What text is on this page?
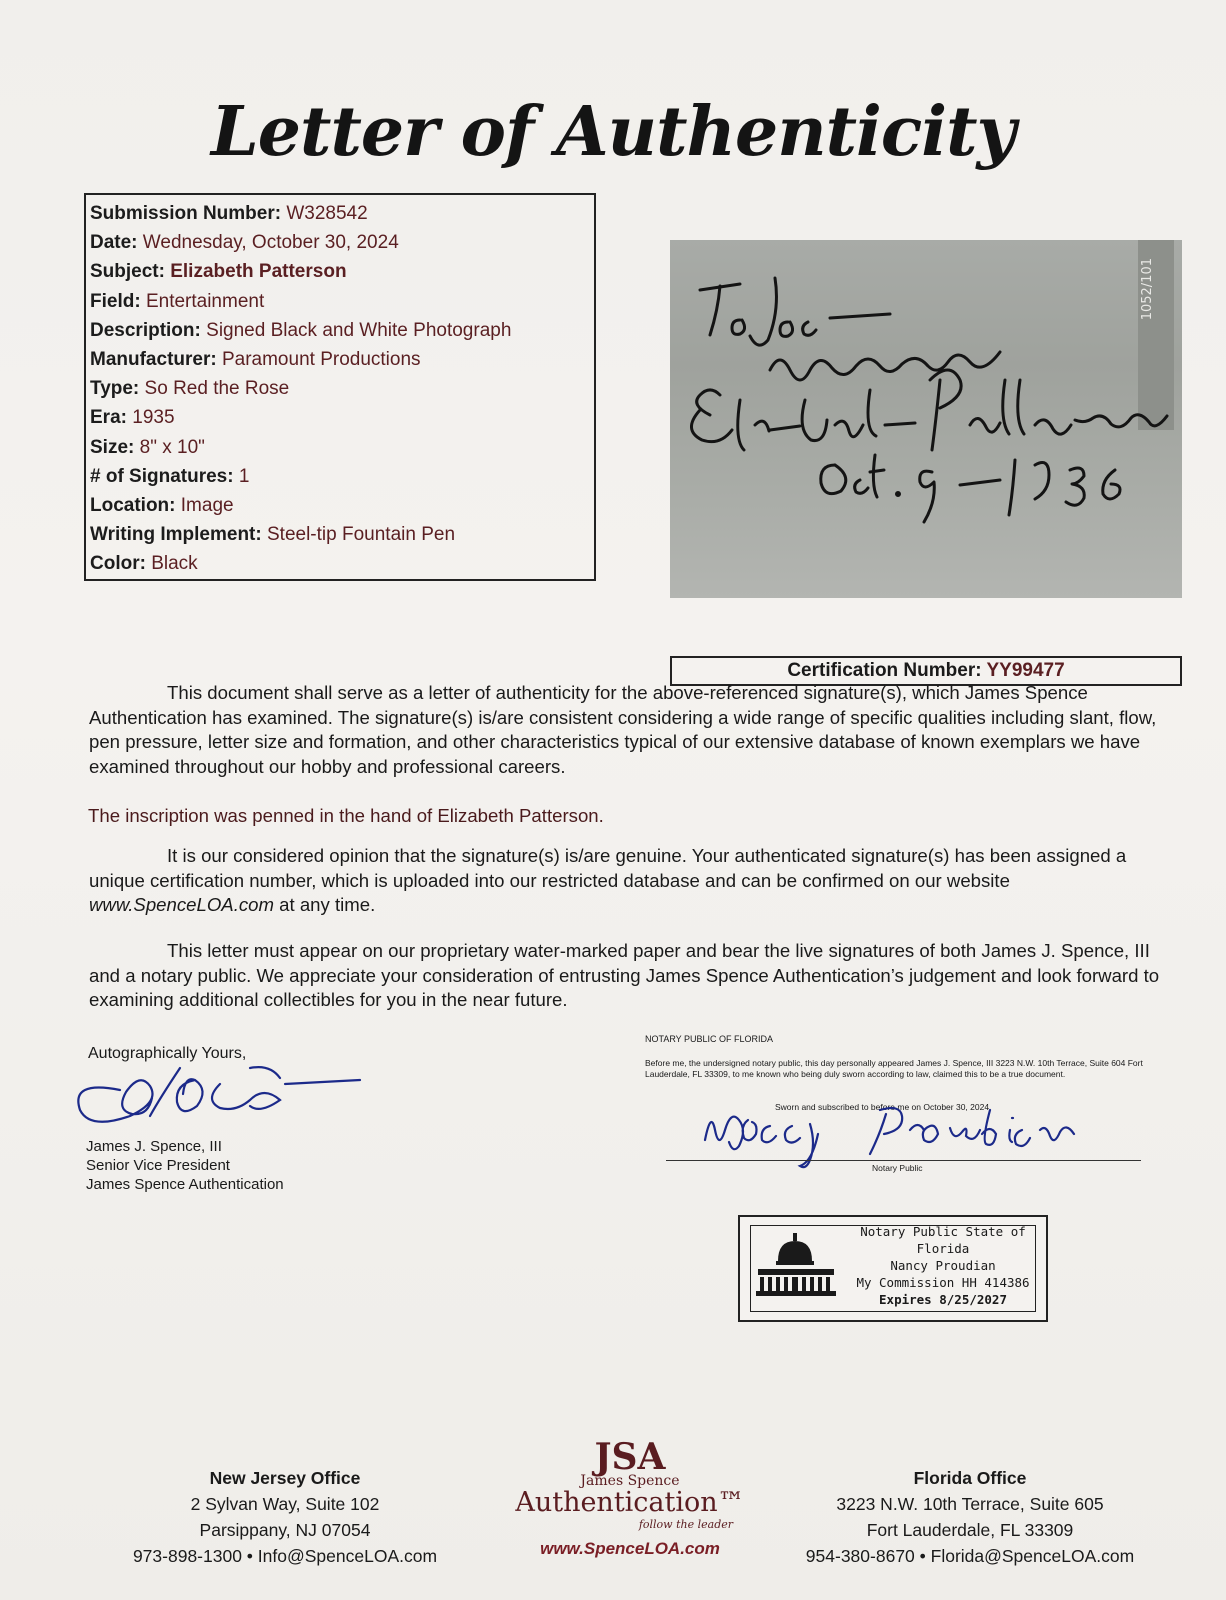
Letter of Authenticity
Submission Number: W328542
Date: Wednesday, October 30, 2024
Subject: Elizabeth Patterson
Field: Entertainment
Description: Signed Black and White Photograph
Manufacturer: Paramount Productions
Type: So Red the Rose
Era: 1935
Size: 8" x 10"
# of Signatures: 1
Location: Image
Writing Implement: Steel-tip Fountain Pen
Color: Black
1052/101
Certification Number: YY99477
This document shall serve as a letter of authenticity for the above-referenced signature(s), which James Spence Authentication has examined. The signature(s) is/are consistent considering a wide range of specific qualities including slant, flow, pen pressure, letter size and formation, and other characteristics typical of our extensive database of known exemplars we have examined throughout our hobby and professional careers.
The inscription was penned in the hand of Elizabeth Patterson.
It is our considered opinion that the signature(s) is/are genuine. Your authenticated signature(s) has been assigned a unique certification number, which is uploaded into our restricted database and can be confirmed on our website www.SpenceLOA.com at any time.
This letter must appear on our proprietary water-marked paper and bear the live signatures of both James J. Spence, III and a notary public. We appreciate your consideration of entrusting James Spence Authentication’s judgement and look forward to examining additional collectibles for you in the near future.
Autographically Yours,
James J. Spence, III
Senior Vice President
James Spence Authentication
NOTARY PUBLIC OF FLORIDA
Before me, the undersigned notary public, this day personally appeared James J. Spence, III 3223 N.W. 10th Terrace, Suite 604 Fort Lauderdale, FL 33309, to me known who being duly sworn according to law, claimed this to be a true document.
Sworn and subscribed to before me on October 30, 2024
Notary Public
Notary Public State of Florida
Nancy Proudian
My Commission HH 414386
Expires 8/25/2027
New Jersey Office
2 Sylvan Way, Suite 102
Parsippany, NJ 07054
973-898-1300 • Info@SpenceLOA.com
JSA
James Spence
Authentication™
follow the leader
www.SpenceLOA.com
Florida Office
3223 N.W. 10th Terrace, Suite 605
Fort Lauderdale, FL 33309
954-380-8670 • Florida@SpenceLOA.com
